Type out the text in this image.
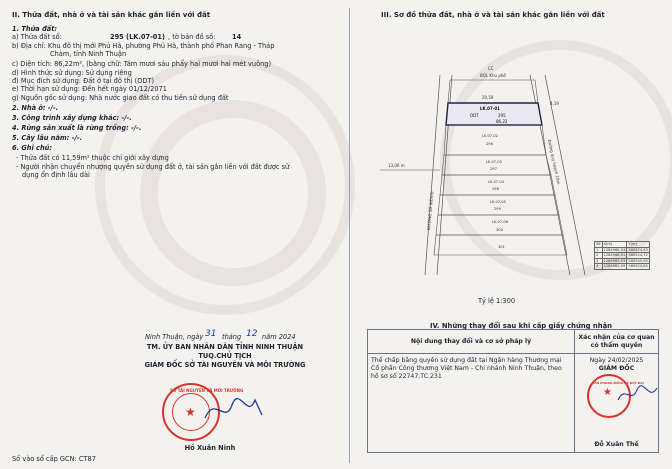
II. Thửa đất, nhà ở và tài sản khác gắn liền với đất
1. Thửa đất:
a) Thửa đất số:	295 (LK.07-01) , tờ bản đồ số:	14
b) Địa chỉ: Khu đô thị mới Phủ Hà, phường Phủ Hà, thành phố Phan Rang - Tháp
Chàm, tỉnh Ninh Thuận
c) Diện tích: 86,22m², (bằng chữ: Tám mươi sáu phẩy hai mươi hai mét vuông)
d) Hình thức sử dụng: Sử dụng riêng
đ) Mục đích sử dụng: Đất ở tại đô thị (ODT)
e) Thời hạn sử dụng: Đến hết ngày 01/12/2071
g) Nguồn gốc sử dụng: Nhà nước giao đất có thu tiền sử dụng đất
2. Nhà ở: -/-.
3. Công trình xây dựng khác: -/-.
4. Rừng sản xuất là rừng trồng: -/-.
5. Cây lâu năm: -/-.
6. Ghi chú:
- Thửa đất có 11,59m² thuộc chỉ giới xây dựng
- Người nhận chuyển nhượng quyền sử dụng đất ở, tài sản gắn liền với đất được sử
dụng ổn định lâu dài
Ninh Thuận, ngày 31 tháng 12 năm 2024
TM. ỦY BAN NHÂN DÂN TỈNH NINH THUẬN
TUQ.CHỦ TỊCH
GIÁM ĐỐC SỞ TÀI NGUYÊN VÀ MÔI TRƯỜNG
SỞ TÀI NGUYÊN VÀ MÔI TRƯỜNG
★
Hồ Xuân Ninh
Số vào sổ cấp GCN: CT87
III. Sơ đồ thửa đất, nhà ở và tài sản khác gắn liền với đất
13,00 m
CC
BQL Khu phố
20,59
4,19
LK.07-01
ODT	295
86,22
LK.07-02
296
LK.07-03
297
LK.07-04
298
LK.07-05
299
LK.07-06
300
301
ĐƯỜNG SỐ 9(ĐX5)
Đường quy hoạch 16m
Số	X(m)	Y(m)
1	1284968,93	580524,63
2	1284968,91	580524,72
3	1284965,93	580545,90
4	1284962,09	580524,84
Tỷ lệ 1:300
IV. Những thay đổi sau khi cấp giấy chứng nhận
Nội dung thay đổi và cơ sở pháp lý	Xác nhận của cơ quan có thẩm quyền
Thế chấp bằng quyền sử dụng đất tại Ngân hàng Thương mại Cổ phần Công thương Việt Nam - Chi nhánh Ninh Thuận, theo hồ sơ số 22747.TC.231	Ngày 24/02/2025
GIÁM ĐỐC
VĂN PHÒNG ĐĂNG KÝ ĐẤT ĐAI
★
Đỗ Xuân Thế
